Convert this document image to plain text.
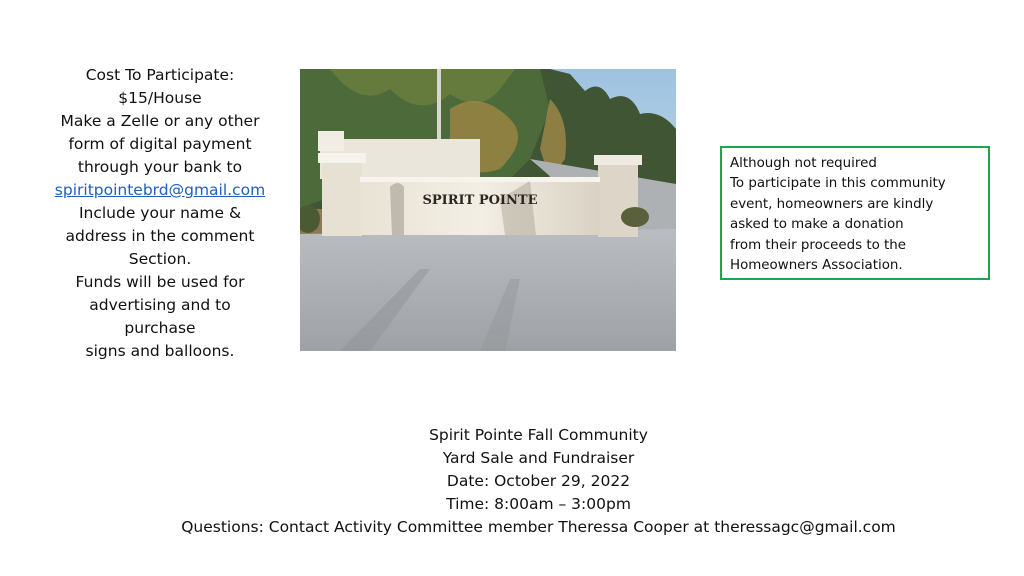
Cost To Participate:
$15/House
Make a Zelle or any other
form of digital payment
through your bank to
spiritpointebrd@gmail.com
Include your name &
address in the comment
Section.
Funds will be used for
advertising and to
purchase
signs and balloons.
SPIRIT POINTE
Although not required
To participate in this community
event, homeowners are kindly
asked to make a donation
from their proceeds to the
Homeowners Association.
Spirit Pointe Fall Community
Yard Sale and Fundraiser
Date: October 29, 2022
Time: 8:00am – 3:00pm
Questions: Contact Activity Committee member Theressa Cooper at theressagc@gmail.com
